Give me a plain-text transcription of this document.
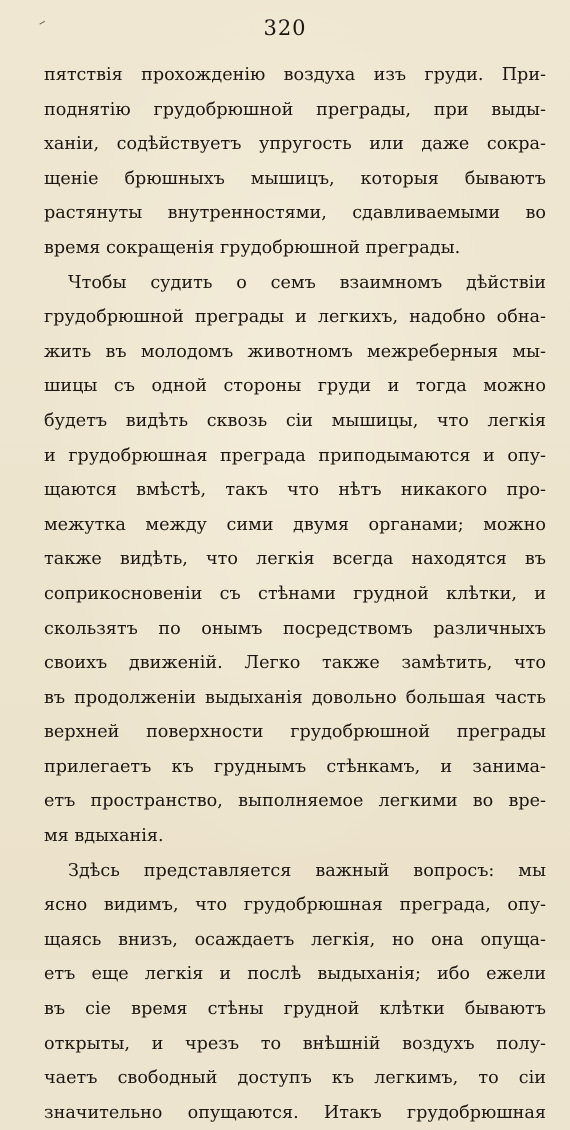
320
пятствія прохожденію воздуха изъ груди. При-
поднятію грудобрюшной преграды, при выды-
ханіи, содѣйствуетъ упругость или даже сокра-
щеніе брюшныхъ мышицъ, которыя бываютъ
растянуты внутренностями, сдавливаемыми во
время сокращенія грудобрюшной преграды.
Чтобы судить о семъ взаимномъ дѣйствіи
грудобрюшной преграды и легкихъ, надобно обна-
жить въ молодомъ животномъ межреберныя мы-
шицы съ одной стороны груди и тогда можно
будетъ видѣть сквозь сіи мышицы, что легкія
и грудобрюшная преграда приподымаются и опу-
щаются вмѣстѣ, такъ что нѣтъ никакого про-
межутка между сими двумя органами; можно
также видѣть, что легкія всегда находятся въ
соприкосновеніи съ стѣнами грудной клѣтки, и
скользятъ по онымъ посредствомъ различныхъ
своихъ движеній. Легко также замѣтить, что
въ продолженіи выдыханія довольно большая часть
верхней поверхности грудобрюшной преграды
прилегаетъ къ груднымъ стѣнкамъ, и занима-
етъ пространство, выполняемое легкими во вре-
мя вдыханія.
Здѣсь представляется важный вопросъ: мы
ясно видимъ, что грудобрюшная преграда, опу-
щаясь внизъ, осаждаетъ легкія, но она опуща-
етъ еще легкія и послѣ выдыханія; ибо ежели
въ сіе время стѣны грудной клѣтки бываютъ
открыты, и чрезъ то внѣшній воздухъ полу-
чаетъ свободный доступъ къ легкимъ, то сіи
значительно опущаются. Итакъ грудобрюшная
